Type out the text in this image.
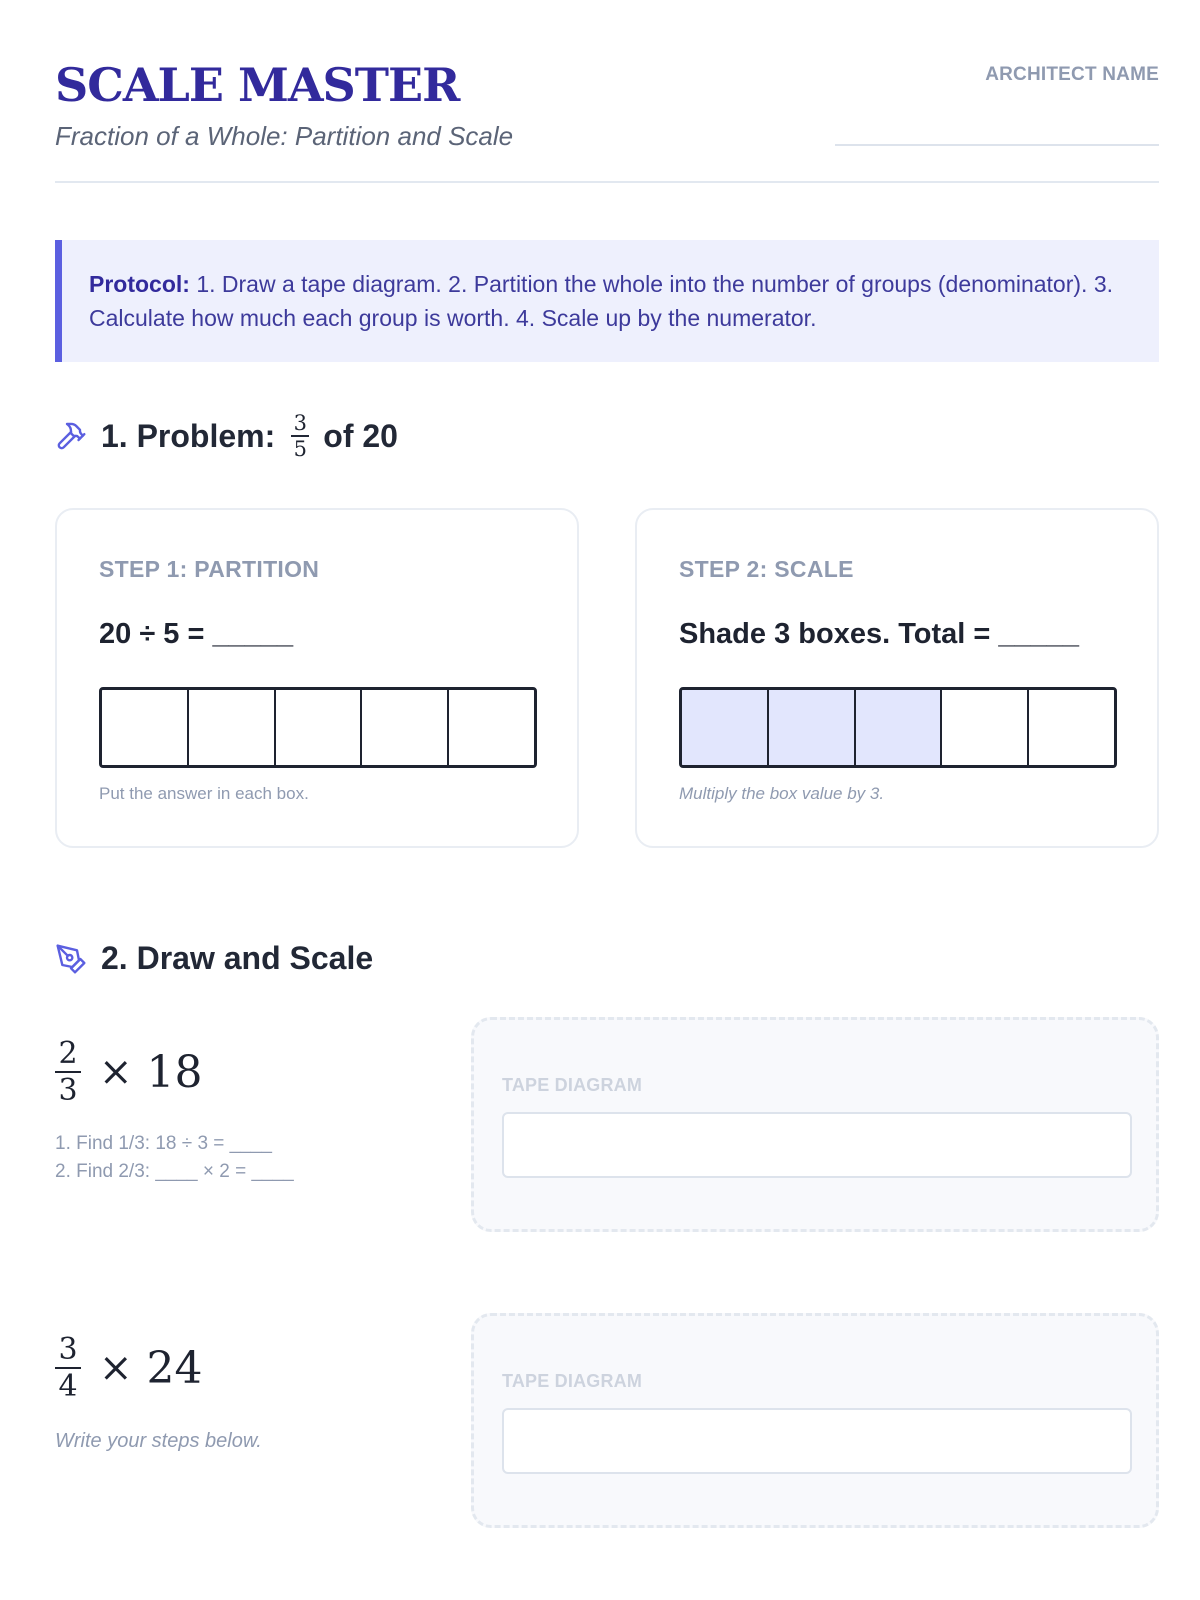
SCALE MASTER
Fraction of a Whole: Partition and Scale
ARCHITECT NAME
Protocol: 1. Draw a tape diagram. 2. Partition the whole into the number of groups (denominator). 3. Calculate how much each group is worth. 4. Scale up by the numerator.
1. Problem: $\frac{3}{5}$ of 20
STEP 1: PARTITION
20 ÷ 5 = _____
Put the answer in each box.
STEP 2: SCALE
Shade 3 boxes. Total = _____
Multiply the box value by 3.
2. Draw and Scale
$\frac{2}{3} \times 18$
1. Find 1/3: 18 ÷ 3 = ____
2. Find 2/3: ____ × 2 = ____
TAPE DIAGRAM
$\frac{3}{4} \times 24$
Write your steps below.
TAPE DIAGRAM
